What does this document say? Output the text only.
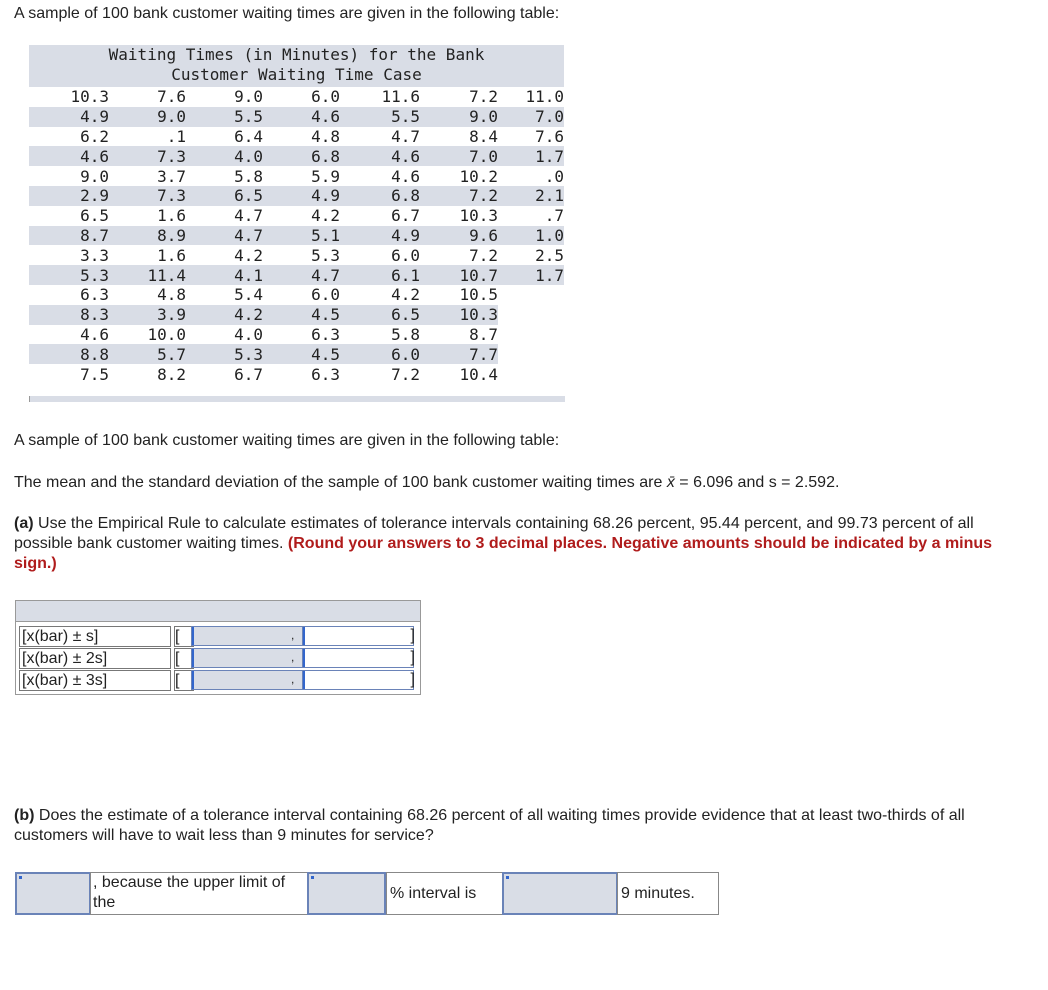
A sample of 100 bank customer waiting times are given in the following table:
Waiting Times (in Minutes) for the Bank
Customer Waiting Time Case
10.3	7.6	9.0	6.0	11.6	7.2	11.0
4.9	9.0	5.5	4.6	5.5	9.0	7.0
6.2	.1	6.4	4.8	4.7	8.4	7.6
4.6	7.3	4.0	6.8	4.6	7.0	1.7
9.0	3.7	5.8	5.9	4.6	10.2	.0
2.9	7.3	6.5	4.9	6.8	7.2	2.1
6.5	1.6	4.7	4.2	6.7	10.3	.7
8.7	8.9	4.7	5.1	4.9	9.6	1.0
3.3	1.6	4.2	5.3	6.0	7.2	2.5
5.3	11.4	4.1	4.7	6.1	10.7	1.7
6.3	4.8	5.4	6.0	4.2	10.5	
8.3	3.9	4.2	4.5	6.5	10.3	
4.6	10.0	4.0	6.3	5.8	8.7	
8.8	5.7	5.3	4.5	6.0	7.7	
7.5	8.2	6.7	6.3	7.2	10.4	
A sample of 100 bank customer waiting times are given in the following table:
The mean and the standard deviation of the sample of 100 bank customer waiting times are x̄ = 6.096 and s = 2.592.
(a) Use the Empirical Rule to calculate estimates of tolerance intervals containing 68.26 percent, 95.44 percent, and 99.73 percent of all possible bank customer waiting times. (Round your answers to 3 decimal places. Negative amounts should be indicated by a minus sign.)
[x(bar) ± s]	[	,	]
[x(bar) ± 2s]	[	,	]
[x(bar) ± 3s]	[	,	]
(b) Does the estimate of a tolerance interval containing 68.26 percent of all waiting times provide evidence that at least two-thirds of all customers will have to wait less than 9 minutes for service?
, because the upper limit of the
% interval is	9 minutes.
